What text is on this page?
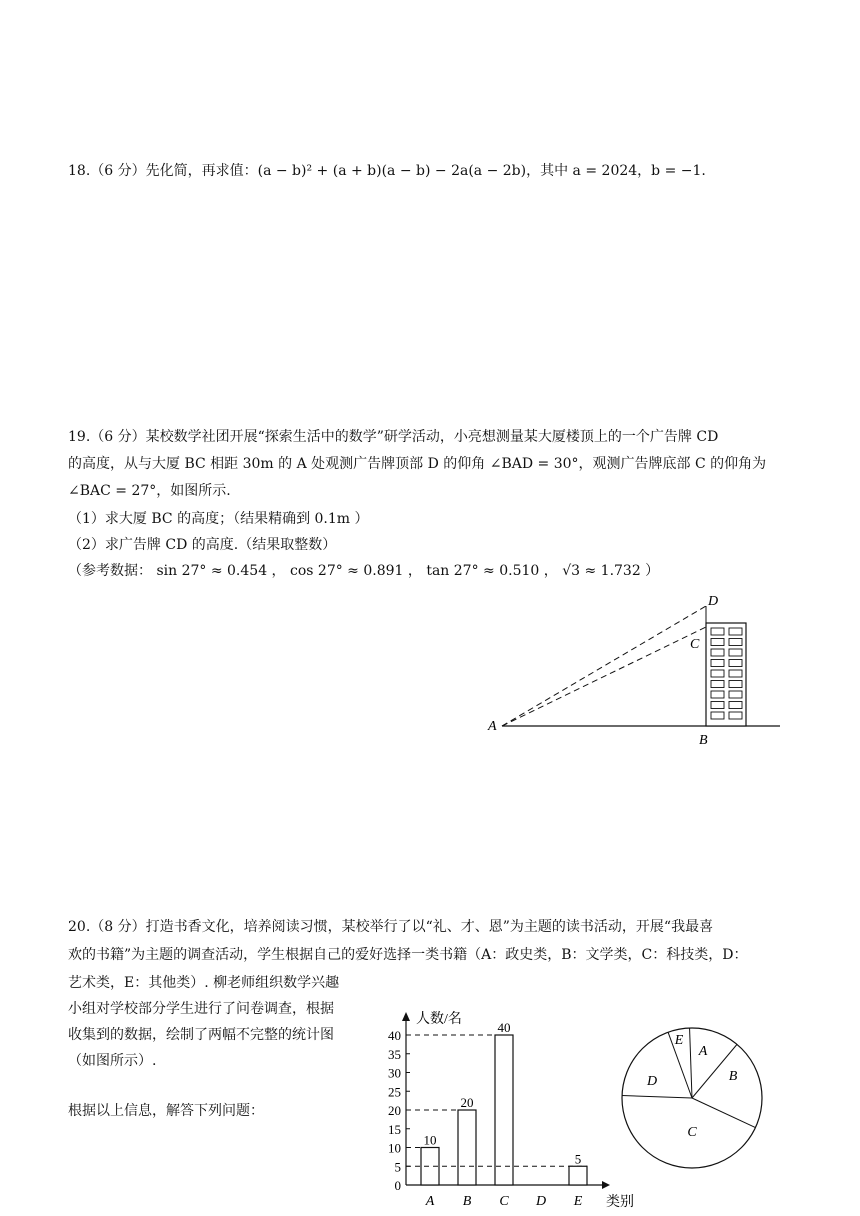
18.（6 分）先化简，再求值：(a − b)² + (a + b)(a − b) − 2a(a − 2b)，其中 a = 2024，b = −1.
19.（6 分）某校数学社团开展“探索生活中的数学”研学活动，小亮想测量某大厦楼顶上的一个广告牌 CD
的高度，从与大厦 BC 相距 30m 的 A 处观测广告牌顶部 D 的仰角 ∠BAD = 30°，观测广告牌底部 C 的仰角为
∠BAC = 27°，如图所示.
（1）求大厦 BC 的高度；（结果精确到 0.1m ）
（2）求广告牌 CD 的高度.（结果取整数）
（参考数据： sin 27° ≈ 0.454 ， cos 27° ≈ 0.891 ， tan 27° ≈ 0.510 ， √3 ≈ 1.732 ）
A
B
C
D
20.（8 分）打造书香文化，培养阅读习惯，某校举行了以“礼、才、恩”为主题的读书活动，开展“我最喜
欢的书籍”为主题的调查活动，学生根据自己的爱好选择一类书籍（A：政史类，B：文学类，C：科技类，D：
艺术类，E：其他类）. 柳老师组织数学兴趣
小组对学校部分学生进行了问卷调查，根据
收集到的数据，绘制了两幅不完整的统计图
（如图所示）.
根据以上信息，解答下列问题：
人数/名
类别
0
5
10
15
20
25
30
35
40
A
10
B
20
C
40
D E
5
E
A
B
C
D
